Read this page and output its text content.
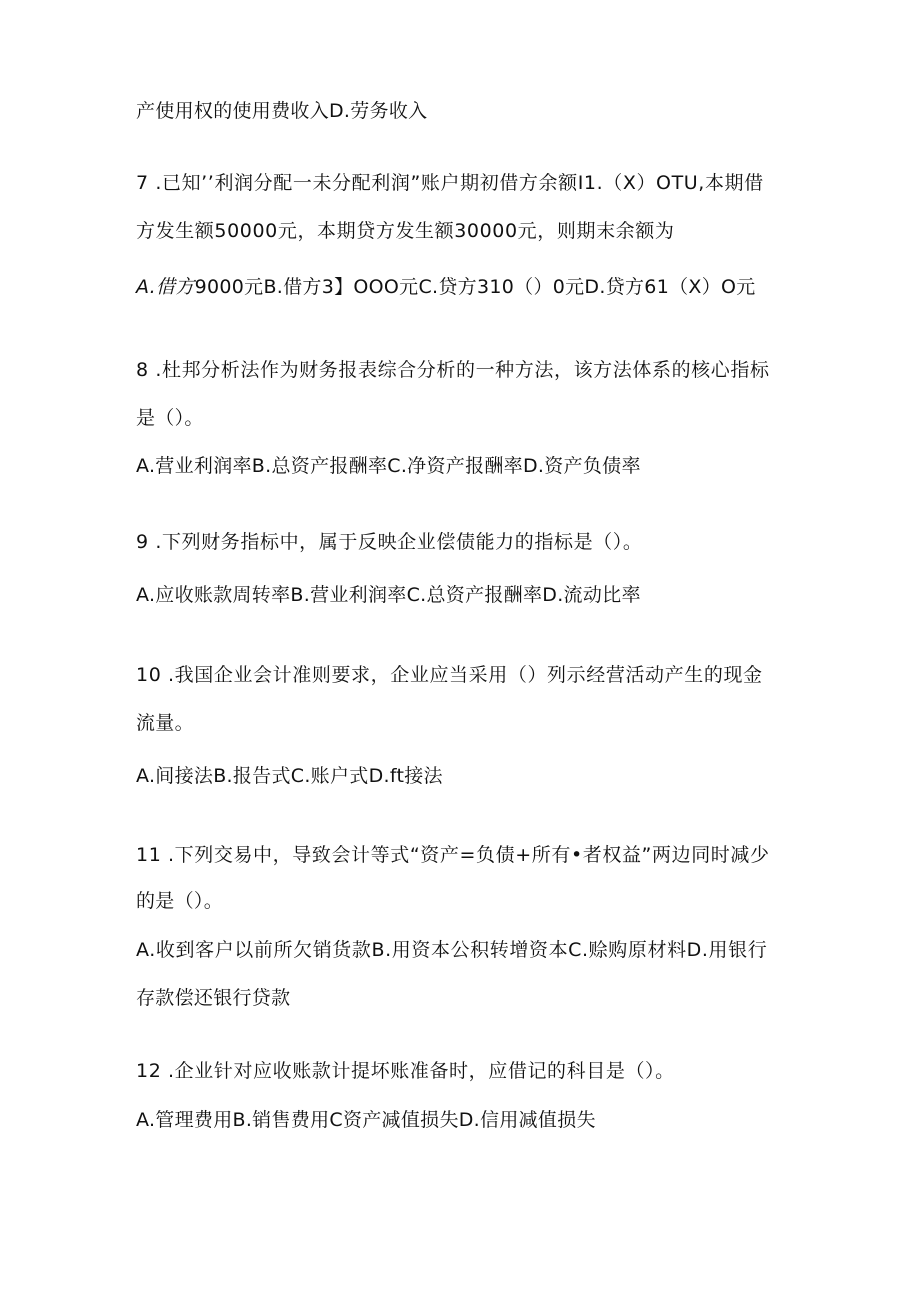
产使用权的使用费收入D.劳务收入
7 .已知’’利润分配一未分配利润”账户期初借方余额I1.（X）OTU,本期借
方发生额50000元，本期贷方发生额30000元，则期末余额为
A.借方9000元B.借方3】OOO元C.贷方310（）0元D.贷方61（X）O元
8 .杜邦分析法作为财务报表综合分析的一种方法，该方法体系的核心指标
是（）。
A.营业利润率B.总资产报酬率C.净资产报酬率D.资产负债率
9 .下列财务指标中，属于反映企业偿债能力的指标是（）。
A.应收账款周转率B.营业利润率C.总资产报酬率D.流动比率
10 .我国企业会计准则要求，企业应当采用（）列示经营活动产生的现金
流量。
A.间接法B.报告式C.账户式D.ft接法
11 .下列交易中，导致会计等式“资产=负债+所有•者权益”两边同时减少
的是（）。
A.收到客户以前所欠销货款B.用资本公积转增资本C.赊购原材料D.用银行
存款偿还银行贷款
12 .企业针对应收账款计提坏账准备时，应借记的科目是（）。
A.管理费用B.销售费用C资产减值损失D.信用减值损失
